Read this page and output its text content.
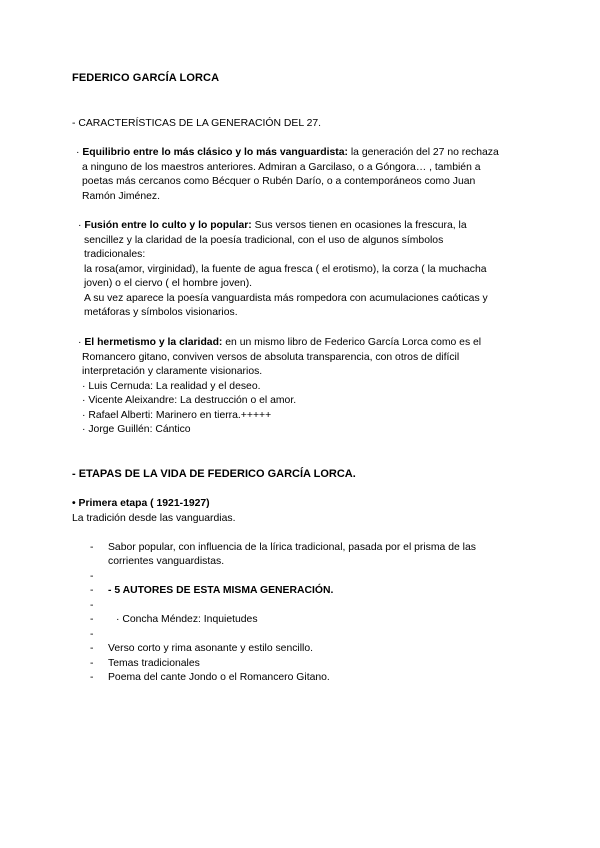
FEDERICO GARCÍA LORCA
- CARACTERÍSTICAS DE LA GENERACIÓN DEL 27.
· Equilibrio entre lo más clásico y lo más vanguardista: la generación del 27 no rechaza
a ninguno de los maestros anteriores. Admiran a Garcilaso, o a Góngora… , también a
poetas más cercanos como Bécquer o Rubén Darío, o a contemporáneos como Juan
Ramón Jiménez.
· Fusión entre lo culto y lo popular: Sus versos tienen en ocasiones la frescura, la
sencillez y la claridad de la poesía tradicional, con el uso de algunos símbolos
tradicionales:
la rosa(amor, virginidad), la fuente de agua fresca ( el erotismo), la corza ( la muchacha
joven) o el ciervo ( el hombre joven).
A su vez aparece la poesía vanguardista más rompedora con acumulaciones caóticas y
metáforas y símbolos visionarios.
· El hermetismo y la claridad: en un mismo libro de Federico García Lorca como es el
Romancero gitano, conviven versos de absoluta transparencia, con otros de difícil
interpretación y claramente visionarios.
· Luis Cernuda: La realidad y el deseo.
· Vicente Aleixandre: La destrucción o el amor.
· Rafael Alberti: Marinero en tierra.+++++
· Jorge Guillén: Cántico
- ETAPAS DE LA VIDA DE FEDERICO GARCÍA LORCA.
• Primera etapa ( 1921-1927)
La tradición desde las vanguardias.
- Sabor popular, con influencia de la lírica tradicional, pasada por el prisma de las
corrientes vanguardistas.
-
- - 5 AUTORES DE ESTA MISMA GENERACIÓN.
-
- · Concha Méndez: Inquietudes
-
- Verso corto y rima asonante y estilo sencillo.
- Temas tradicionales
- Poema del cante Jondo o el Romancero Gitano.
